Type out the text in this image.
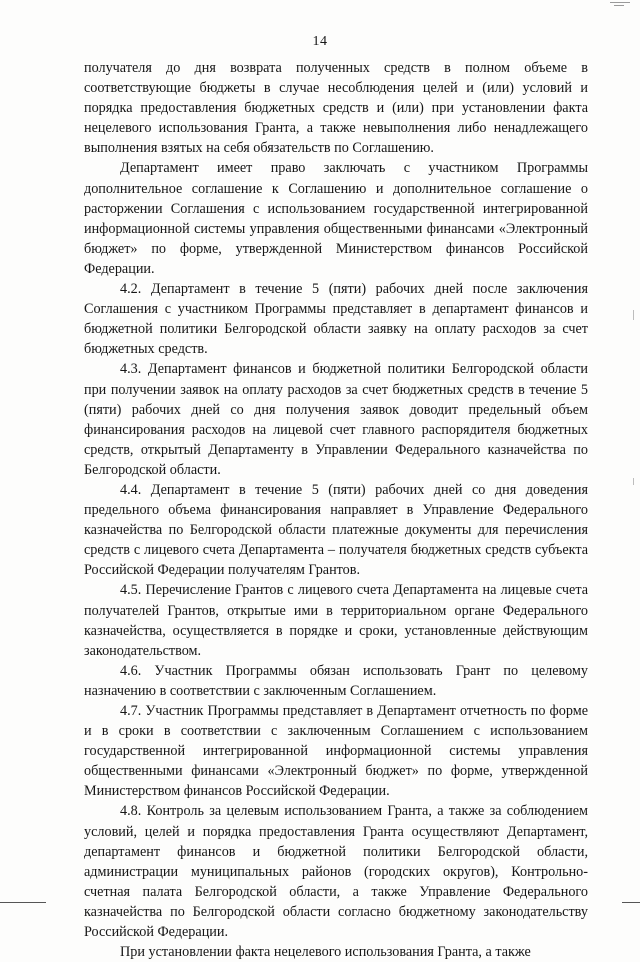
14

получателя до дня возврата полученных средств в полном объеме в соответствующие бюджеты в случае несоблюдения целей и (или) условий и порядка предоставления бюджетных средств и (или) при установлении факта нецелевого использования Гранта, а также невыполнения либо ненадлежащего выполнения взятых на себя обязательств по Соглашению.

Департамент имеет право заключать с участником Программы дополнительное соглашение к Соглашению и дополнительное соглашение о расторжении Соглашения с использованием государственной интегрированной информационной системы управления общественными финансами «Электронный бюджет» по форме, утвержденной Министерством финансов Российской Федерации.

4.2. Департамент в течение 5 (пяти) рабочих дней после заключения Соглашения с участником Программы представляет в департамент финансов и бюджетной политики Белгородской области заявку на оплату расходов за счет бюджетных средств.

4.3. Департамент финансов и бюджетной политики Белгородской области при получении заявок на оплату расходов за счет бюджетных средств в течение 5 (пяти) рабочих дней со дня получения заявок доводит предельный объем финансирования расходов на лицевой счет главного распорядителя бюджетных средств, открытый Департаменту в Управлении Федерального казначейства по Белгородской области.

4.4. Департамент в течение 5 (пяти) рабочих дней со дня доведения предельного объема финансирования направляет в Управление Федерального казначейства по Белгородской области платежные документы для перечисления средств с лицевого счета Департамента – получателя бюджетных средств субъекта Российской Федерации получателям Грантов.

4.5. Перечисление Грантов с лицевого счета Департамента на лицевые счета получателей Грантов, открытые ими в территориальном органе Федерального казначейства, осуществляется в порядке и сроки, установленные действующим законодательством.

4.6. Участник Программы обязан использовать Грант по целевому назначению в соответствии с заключенным Соглашением.

4.7. Участник Программы представляет в Департамент отчетность по форме и в сроки в соответствии с заключенным Соглашением с использованием государственной интегрированной информационной системы управления общественными финансами «Электронный бюджет» по форме, утвержденной Министерством финансов Российской Федерации.

4.8. Контроль за целевым использованием Гранта, а также за соблюдением условий, целей и порядка предоставления Гранта осуществляют Департамент, департамент финансов и бюджетной политики Белгородской области, администрации муниципальных районов (городских округов), Контрольно-счетная палата Белгородской области, а также Управление Федерального казначейства по Белгородской области согласно бюджетному законодательству Российской Федерации.

При установлении факта нецелевого использования Гранта, а также
